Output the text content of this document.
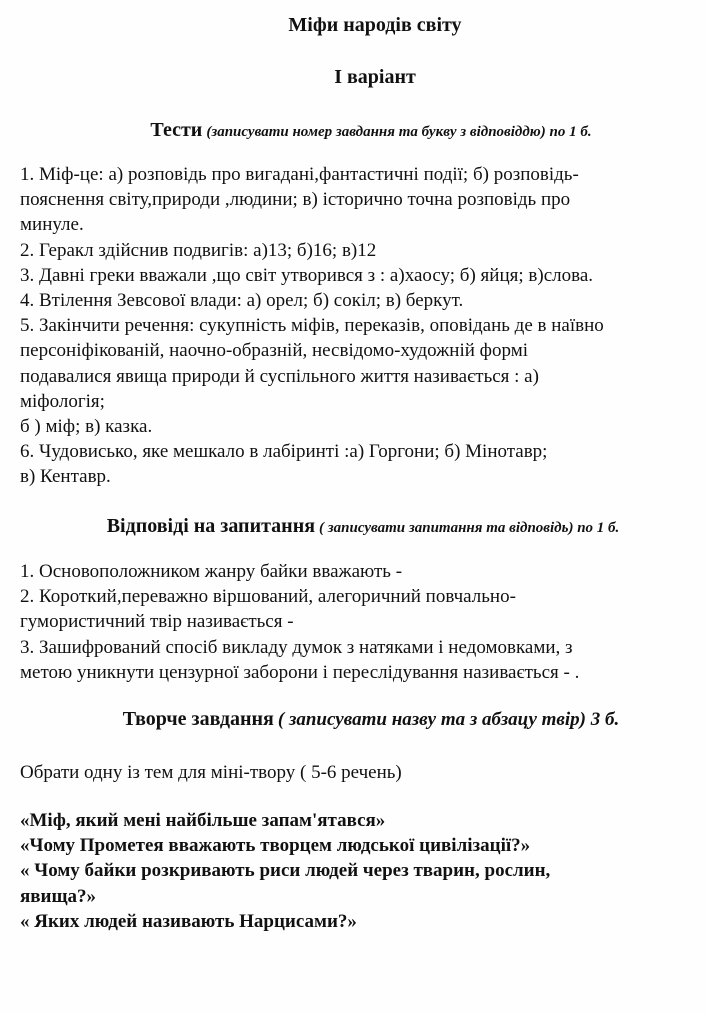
Міфи народів світу
І варіант
Тести (записувати номер завдання та букву з відповіддю) по 1 б.
1. Міф-це: а) розповідь про вигадані,фантастичні події; б) розповідь-
пояснення світу,природи ,людини; в) історично точна розповідь про
минуле.
2. Геракл здійснив подвигів: а)13; б)16; в)12
3. Давні греки вважали ,що світ утворився з : а)хаосу; б) яйця; в)слова.
4. Втілення Зевсової влади: а) орел; б) сокіл; в) беркут.
5. Закінчити речення: сукупність міфів, переказів, оповідань де в наївно
персоніфікованій, наочно-образній, несвідомо-художній формі
подавалися явища природи й суспільного життя називається : а)
міфологія;
б ) міф; в) казка.
6. Чудовисько, яке мешкало в лабіринті :а) Горгони; б) Мінотавр;
в) Кентавр.
Відповіді на запитання ( записувати запитання та відповідь) по 1 б.
1. Основоположником жанру байки вважають -
2. Короткий,переважно віршований, алегоричний повчально-
гумористичний твір називається -
3. Зашифрований спосіб викладу думок з натяками і недомовками, з
метою уникнути цензурної заборони і переслідування називається - .
Творче завдання ( записувати назву та з абзацу твір) 3 б.
Обрати одну із тем для міні-твору ( 5-6 речень)
«Міф, який мені найбільше запам'ятався»
«Чому Прометея вважають творцем людської цивілізації?»
« Чому байки розкривають риси людей через тварин, рослин,
явища?»
« Яких людей називають Нарцисами?»
